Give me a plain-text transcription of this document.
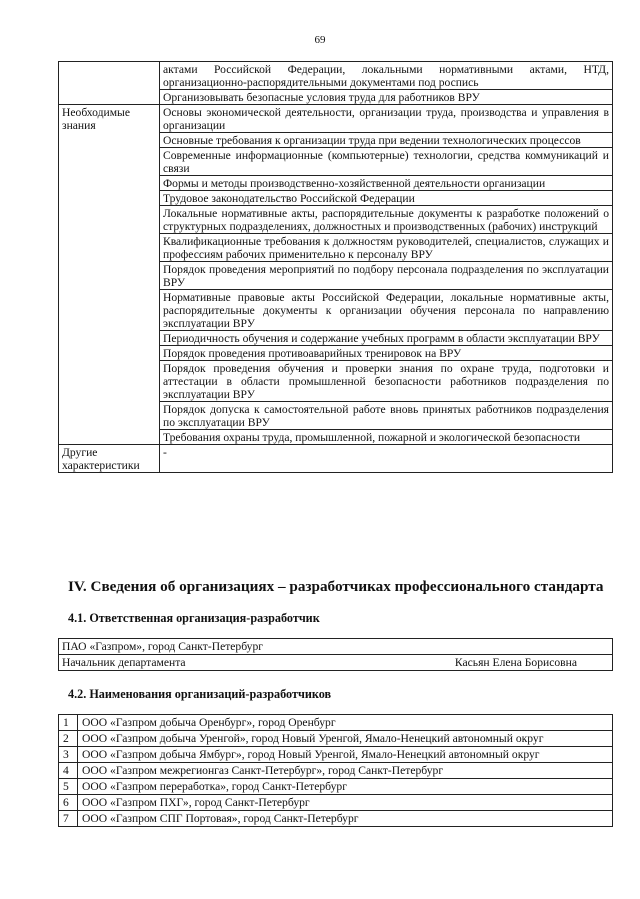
69
	актами Российской Федерации, локальными нормативными актами, НТД, организационно-распорядительными документами под роспись
	Организовывать безопасные условия труда для работников ВРУ
Необходимые знания	Основы экономической деятельности, организации труда, производства и управления в организации
	Основные требования к организации труда при ведении технологических процессов
	Современные информационные (компьютерные) технологии, средства коммуникаций и связи
	Формы и методы производственно-хозяйственной деятельности организации
	Трудовое законодательство Российской Федерации
	Локальные нормативные акты, распорядительные документы к разработке положений о структурных подразделениях, должностных и производственных (рабочих) инструкций
	Квалификационные требования к должностям руководителей, специалистов, служащих и профессиям рабочих применительно к персоналу ВРУ
	Порядок проведения мероприятий по подбору персонала подразделения по эксплуатации ВРУ
	Нормативные правовые акты Российской Федерации, локальные нормативные акты, распорядительные документы к организации обучения персонала по направлению эксплуатации ВРУ
	Периодичность обучения и содержание учебных программ в области эксплуатации ВРУ
	Порядок проведения противоаварийных тренировок на ВРУ
	Порядок проведения обучения и проверки знания по охране труда, подготовки и аттестации в области промышленной безопасности работников подразделения по эксплуатации ВРУ
	Порядок допуска к самостоятельной работе вновь принятых работников подразделения по эксплуатации ВРУ
	Требования охраны труда, промышленной, пожарной и экологической безопасности
Другие характеристики	-
IV. Сведения об организациях – разработчиках профессионального стандарта
4.1. Ответственная организация-разработчик
ПАО «Газпром», город Санкт-Петербург

Начальник департамента	Касьян Елена Борисовна
4.2. Наименования организаций-разработчиков
1	ООО «Газпром добыча Оренбург», город Оренбург
2	ООО «Газпром добыча Уренгой», город Новый Уренгой, Ямало-Ненецкий автономный округ
3	ООО «Газпром добыча Ямбург», город Новый Уренгой, Ямало-Ненецкий автономный округ
4	ООО «Газпром межрегионгаз Санкт-Петербург», город Санкт-Петербург
5	ООО «Газпром переработка», город Санкт-Петербург
6	ООО «Газпром ПХГ», город Санкт-Петербург
7	ООО «Газпром СПГ Портовая», город Санкт-Петербург
